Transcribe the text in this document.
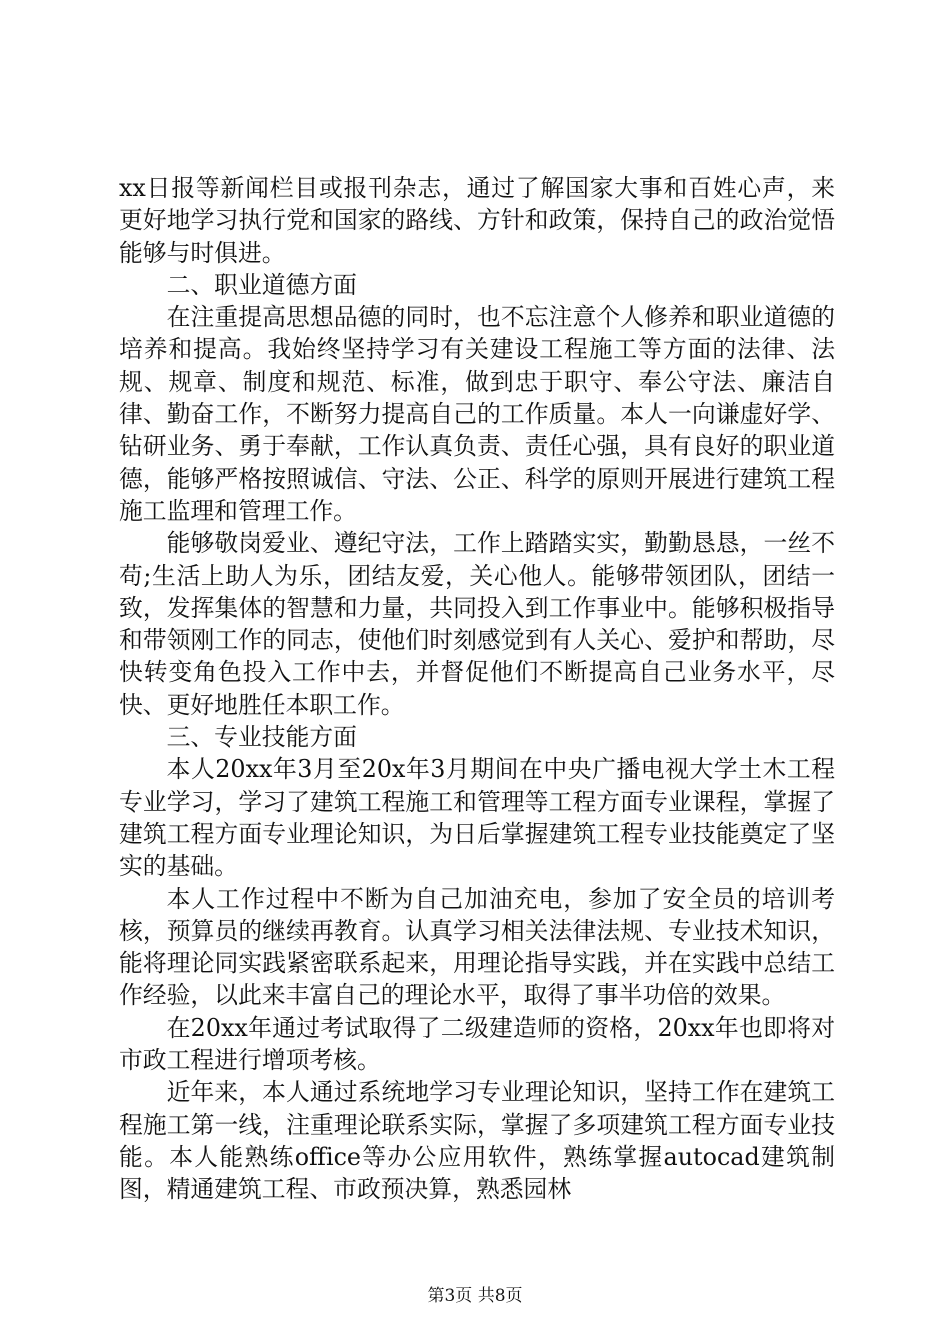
xx日报等新闻栏目或报刊杂志，通过了解国家大事和百姓心声，来更好地学习执行党和国家的路线、方针和政策，保持自己的政治觉悟能够与时俱进。

二、职业道德方面

在注重提高思想品德的同时，也不忘注意个人修养和职业道德的培养和提高。我始终坚持学习有关建设工程施工等方面的法律、法规、规章、制度和规范、标准，做到忠于职守、奉公守法、廉洁自律、勤奋工作，不断努力提高自己的工作质量。本人一向谦虚好学、钻研业务、勇于奉献，工作认真负责、责任心强，具有良好的职业道德，能够严格按照诚信、守法、公正、科学的原则开展进行建筑工程施工监理和管理工作。

能够敬岗爱业、遵纪守法，工作上踏踏实实，勤勤恳恳，一丝不苟;生活上助人为乐，团结友爱，关心他人。能够带领团队，团结一致，发挥集体的智慧和力量，共同投入到工作事业中。能够积极指导和带领刚工作的同志，使他们时刻感觉到有人关心、爱护和帮助，尽快转变角色投入工作中去，并督促他们不断提高自己业务水平，尽快、更好地胜任本职工作。

三、专业技能方面

本人20xx年3月至20x年3月期间在中央广播电视大学土木工程专业学习，学习了建筑工程施工和管理等工程方面专业课程，掌握了建筑工程方面专业理论知识，为日后掌握建筑工程专业技能奠定了坚实的基础。

本人工作过程中不断为自己加油充电，参加了安全员的培训考核，预算员的继续再教育。认真学习相关法律法规、专业技术知识，能将理论同实践紧密联系起来，用理论指导实践，并在实践中总结工作经验，以此来丰富自己的理论水平，取得了事半功倍的效果。

在20xx年通过考试取得了二级建造师的资格，20xx年也即将对市政工程进行增项考核。

近年来，本人通过系统地学习专业理论知识，坚持工作在建筑工程施工第一线，注重理论联系实际，掌握了多项建筑工程方面专业技能。本人能熟练office等办公应用软件，熟练掌握autocad建筑制图，精通建筑工程、市政预决算，熟悉园林

第3页 共8页
